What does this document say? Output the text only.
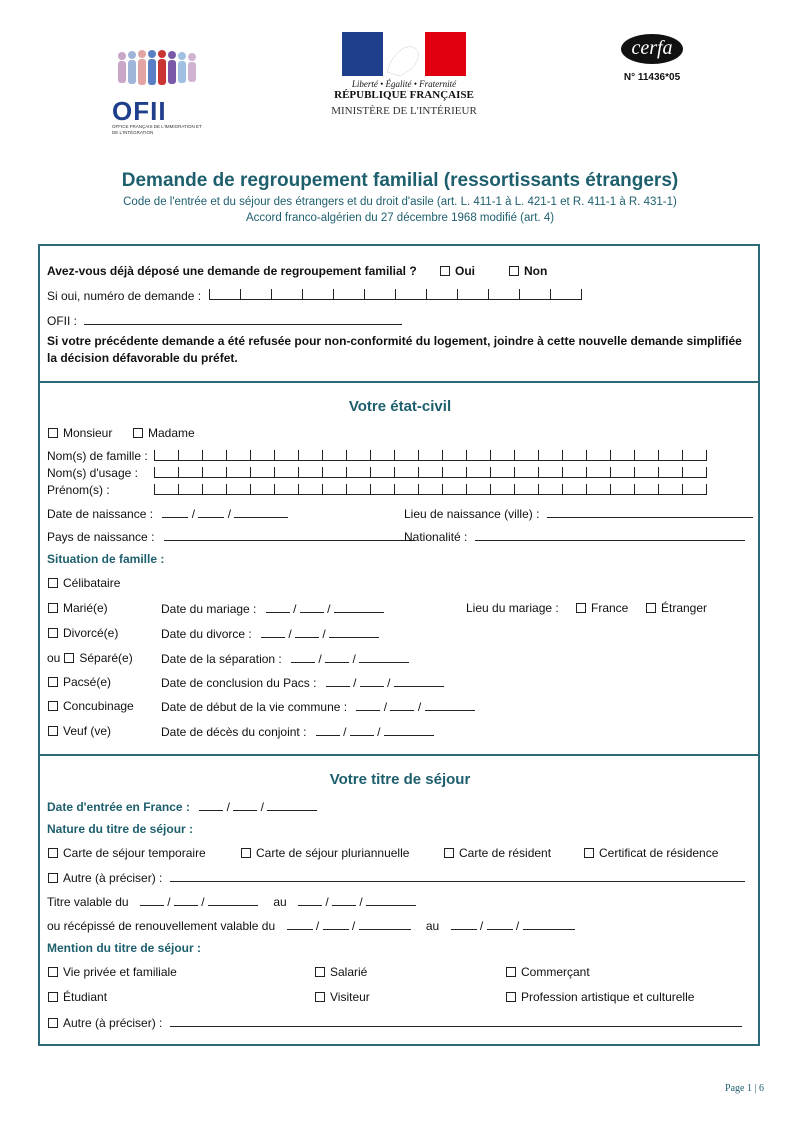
OFII
OFFICE FRANÇAIS DE L'IMMIGRATION ET DE L'INTÉGRATION
Liberté • Égalité • Fraternité
RÉPUBLIQUE FRANÇAISE
MINISTÈRE DE L'INTÉRIEUR
cerfa
N° 11436*05
Demande de regroupement familial (ressortissants étrangers)
Code de l'entrée et du séjour des étrangers et du droit d'asile (art. L. 411-1 à L. 421-1 et R. 411-1 à R. 431-1)
Accord franco-algérien du 27 décembre 1968 modifié (art. 4)
Avez-vous déjà déposé une demande de regroupement familial ?	Oui	Non
Si oui, numéro de demande :
OFII :
Si votre précédente demande a été refusée pour non-conformité du logement, joindre à cette nouvelle demande simplifiée la décision défavorable du préfet.
Votre état-civil
Monsieur	Madame
Nom(s) de famille :
Nom(s) d'usage :
Prénom(s) :
Date de naissance :	/  /	Lieu de naissance (ville) :
Pays de naissance :	Nationalité :
Situation de famille :
Célibataire
Marié(e)	Date du mariage :	/  /	Lieu du mariage :	France	Étranger
Divorcé(e)	Date du divorce :	/  /
ou Séparé(e) Date de la séparation :	/  /
Pacsé(e)	Date de conclusion du Pacs :	/  /
Concubinage Date de début de la vie commune :	/  /
Veuf (ve)	Date de décès du conjoint :	/  /
Votre titre de séjour
Date d'entrée en France :	/  /
Nature du titre de séjour :
Carte de séjour temporaire	Carte de séjour pluriannuelle	Carte de résident	Certificat de résidence
Autre (à préciser) :
Titre valable du	/  /	au	/  /
ou récépissé de renouvellement valable du	/  /	au	/  /
Mention du titre de séjour :
Vie privée et familiale	Salarié	Commerçant
Étudiant	Visiteur	Profession artistique et culturelle
Autre (à préciser) :
Page 1 | 6
